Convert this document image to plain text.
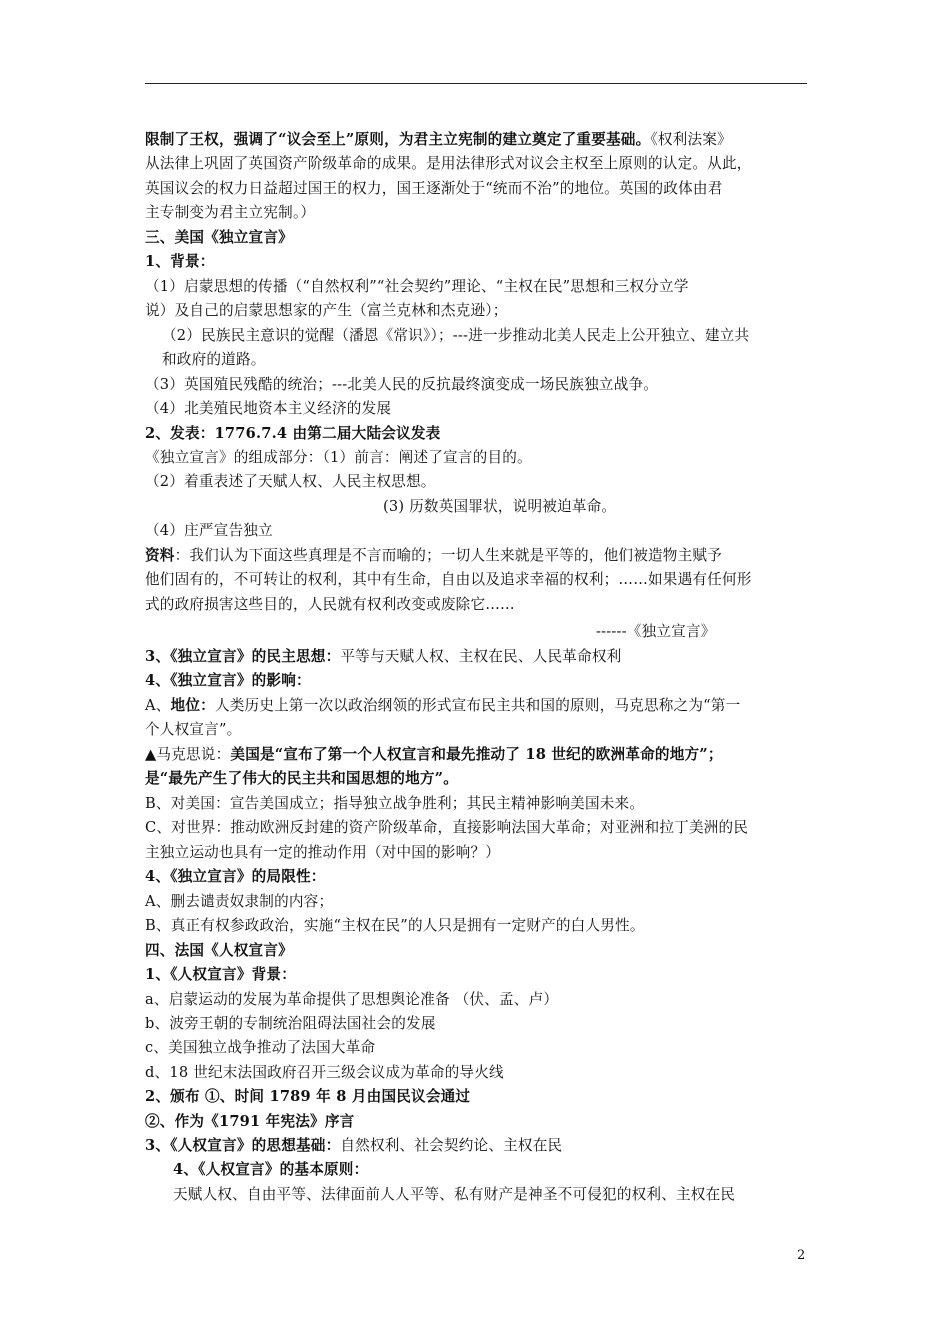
限制了王权，强调了“议会至上”原则，为君主立宪制的建立奠定了重要基础。《权利法案》
从法律上巩固了英国资产阶级革命的成果。是用法律形式对议会主权至上原则的认定。从此，
英国议会的权力日益超过国王的权力，国王逐渐处于“统而不治”的地位。英国的政体由君
主专制变为君主立宪制。）
三、美国《独立宣言》
1、背景：
（1）启蒙思想的传播（“自然权利”“社会契约”理论、“主权在民”思想和三权分立学
说）及自己的启蒙思想家的产生（富兰克林和杰克逊）；
（2）民族民主意识的觉醒（潘恩《常识》）；---进一步推动北美人民走上公开独立、建立共
和政府的道路。
（3）英国殖民残酷的统治；---北美人民的反抗最终演变成一场民族独立战争。
（4）北美殖民地资本主义经济的发展
2、发表：1776.7.4 由第二届大陆会议发表
《独立宣言》的组成部分：（1）前言：阐述了宣言的目的。
（2）着重表述了天赋人权、人民主权思想。
(3) 历数英国罪状，说明被迫革命。
（4）庄严宣告独立
资料：我们认为下面这些真理是不言而喻的；一切人生来就是平等的，他们被造物主赋予
他们固有的，不可转让的权利，其中有生命，自由以及追求幸福的权利；……如果遇有任何形
式的政府损害这些目的，人民就有权利改变或废除它……
------《独立宣言》
3、《独立宣言》的民主思想：平等与天赋人权、主权在民、人民革命权利
4、《独立宣言》的影响：
A、地位：人类历史上第一次以政治纲领的形式宣布民主共和国的原则，马克思称之为“第一
个人权宣言”。
▲马克思说：美国是“宣布了第一个人权宣言和最先推动了 18 世纪的欧洲革命的地方”；
是“最先产生了伟大的民主共和国思想的地方”。
B、对美国：宣告美国成立；指导独立战争胜利；其民主精神影响美国未来。
C、对世界：推动欧洲反封建的资产阶级革命，直接影响法国大革命；对亚洲和拉丁美洲的民
主独立运动也具有一定的推动作用（对中国的影响？）
4、《独立宣言》的局限性：
A、删去谴责奴隶制的内容；
B、真正有权参政政治，实施“主权在民”的人只是拥有一定财产的白人男性。
四、法国《人权宣言》
1、《人权宣言》背景：
a、启蒙运动的发展为革命提供了思想舆论准备 （伏、孟、卢）
b、波旁王朝的专制统治阻碍法国社会的发展
c、美国独立战争推动了法国大革命
d、18 世纪末法国政府召开三级会议成为革命的导火线
2、颁布 ①、时间 1789 年 8 月由国民议会通过
②、作为《1791 年宪法》序言
3、《人权宣言》的思想基础：自然权利、社会契约论、主权在民
4、《人权宣言》的基本原则：
天赋人权、自由平等、法律面前人人平等、私有财产是神圣不可侵犯的权利、主权在民
2
